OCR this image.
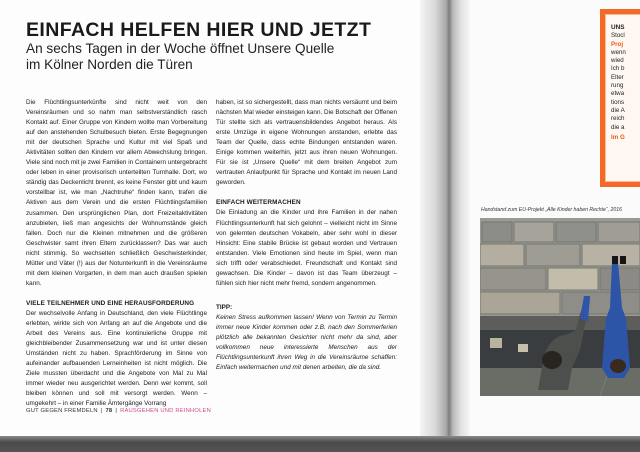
EINFACH HELFEN HIER UND JETZT
An sechs Tagen in der Woche öffnet Unsere Quelle im Kölner Norden die Türen

Die Flüchtlingsunterkünfte sind nicht weit von den Vereinsräumen und so nahm man selbstverständlich rasch Kontakt auf. Einer Gruppe von Kindern wollte man Vorbereitung auf den anstehenden Schulbesuch bieten. Erste Begegnungen mit der deutschen Sprache und Kultur mit viel Spaß und Aktivitäten sollten den Kindern vor allem Abwechslung bringen. Viele sind noch mit je zwei Familien in Containern untergebracht oder leben in einer provisorisch unterteilten Turnhalle. Dort, wo ständig das Deckenlicht brennt, es keine Fenster gibt und kaum vorstellbar ist, wie man „Nachtruhe“ finden kann, trafen die Aktiven aus dem Verein und die ersten Flüchtlingsfamilien zusammen. Den ursprünglichen Plan, dort Freizeitaktivitäten anzubieten, ließ man angesichts der Wohnumstände gleich fallen. Doch nur die Kleinen mitnehmen und die größeren Geschwister samt ihren Eltern zurücklassen? Das war auch nicht stimmig. So wechselten schließlich Geschwisterkinder, Mütter und Väter (!) aus der Notunterkunft in die Vereinsräume mit dem kleinen Vorgarten, in dem man auch draußen spielen kann.

VIELE TEILNEHMER UND EINE HERAUSFORDERUNG

Der wechselvolle Anfang in Deutschland, den viele Flüchtlinge erlebten, wirkte sich von Anfang an auf die Angebote und die Arbeit des Vereins aus. Eine kontinuierliche Gruppe mit gleichbleibender Zusammensetzung war und ist unter diesen Umständen nicht zu haben. Sprachförderung im Sinne von aufeinander aufbauenden Lerneinheiten ist nicht möglich. Die Ziele mussten überdacht und die Angebote von Mal zu Mal immer wieder neu ausgerichtet werden. Denn wer kommt, soll bleiben können und soll mit versorgt werden. Wenn – umgekehrt – in einer Familie Ämtergänge Vorrang

haben, ist so sichergestellt, dass man nichts versäumt und beim nächsten Mal wieder einsteigen kann. Die Botschaft der Offenen Tür stellte sich als vertrauensbildendes Angebot heraus. Als erste Umzüge in eigene Wohnungen anstanden, erlebte das Team der Quelle, dass echte Bindungen entstanden waren. Einige kommen weiterhin, jetzt aus ihren neuen Wohnungen. Für sie ist „Unsere Quelle“ mit dem breiten Angebot zum vertrauten Anlaufpunkt für Sprache und Kontakt im neuen Land geworden.

EINFACH WEITERMACHEN

Die Einladung an die Kinder und ihre Familien in der nahen Flüchtlingsunterkunft hat sich gelohnt – vielleicht nicht im Sinne von gelernten deutschen Vokabeln, aber sehr wohl in dieser Hinsicht: Eine stabile Brücke ist gebaut worden und Vertrauen entstanden. Viele Emotionen sind heute im Spiel, wenn man sich trifft oder verabschiedet. Freundschaft und Kontakt sind gewachsen. Die Kinder – davon ist das Team überzeugt – fühlen sich hier nicht mehr fremd, sondern angenommen.

TIPP:

Keinen Stress aufkommen lassen! Wenn von Termin zu Termin immer neue Kinder kommen oder z.B. nach den Sommerferien plötzlich alle bekannten Gesichter nicht mehr da sind, aber vollkommen neue interessierte Menschen aus der Flüchtlingsunterkunft ihren Weg in die Vereinsräume schaffen: Einfach weitermachen und mit denen arbeiten, die da sind.

GUT GEGEN FREMDELN | 78 | RAUSGEHEN UND REINHOLEN
UNS
Stocl
Proj
wenn
wied
Ich b
Elter
rung
etwa
tions
die A
reich
die a
Im G
Handstand zum EU-Projekt „Alle Kinder haben Rechte“, 2016
